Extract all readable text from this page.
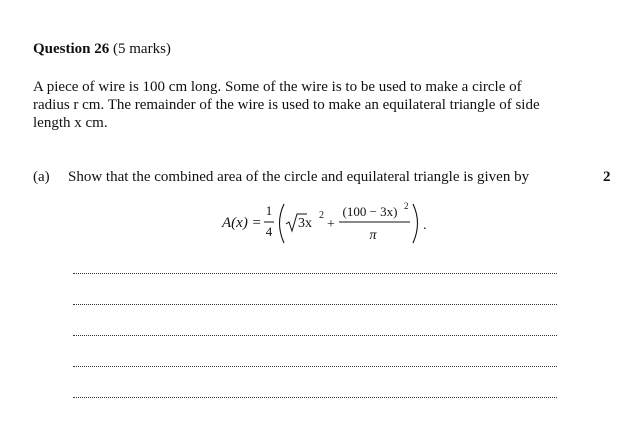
Question 26 (5 marks)
A piece of wire is 100 cm long. Some of the wire is to be used to make a circle of
radius r cm. The remainder of the wire is used to make an equilateral triangle of side
length x cm.
(a) Show that the combined area of the circle and equilateral triangle is given by	2
A(x) =
1
4
3x
2
+
(100 − 3x) 2
π
.
